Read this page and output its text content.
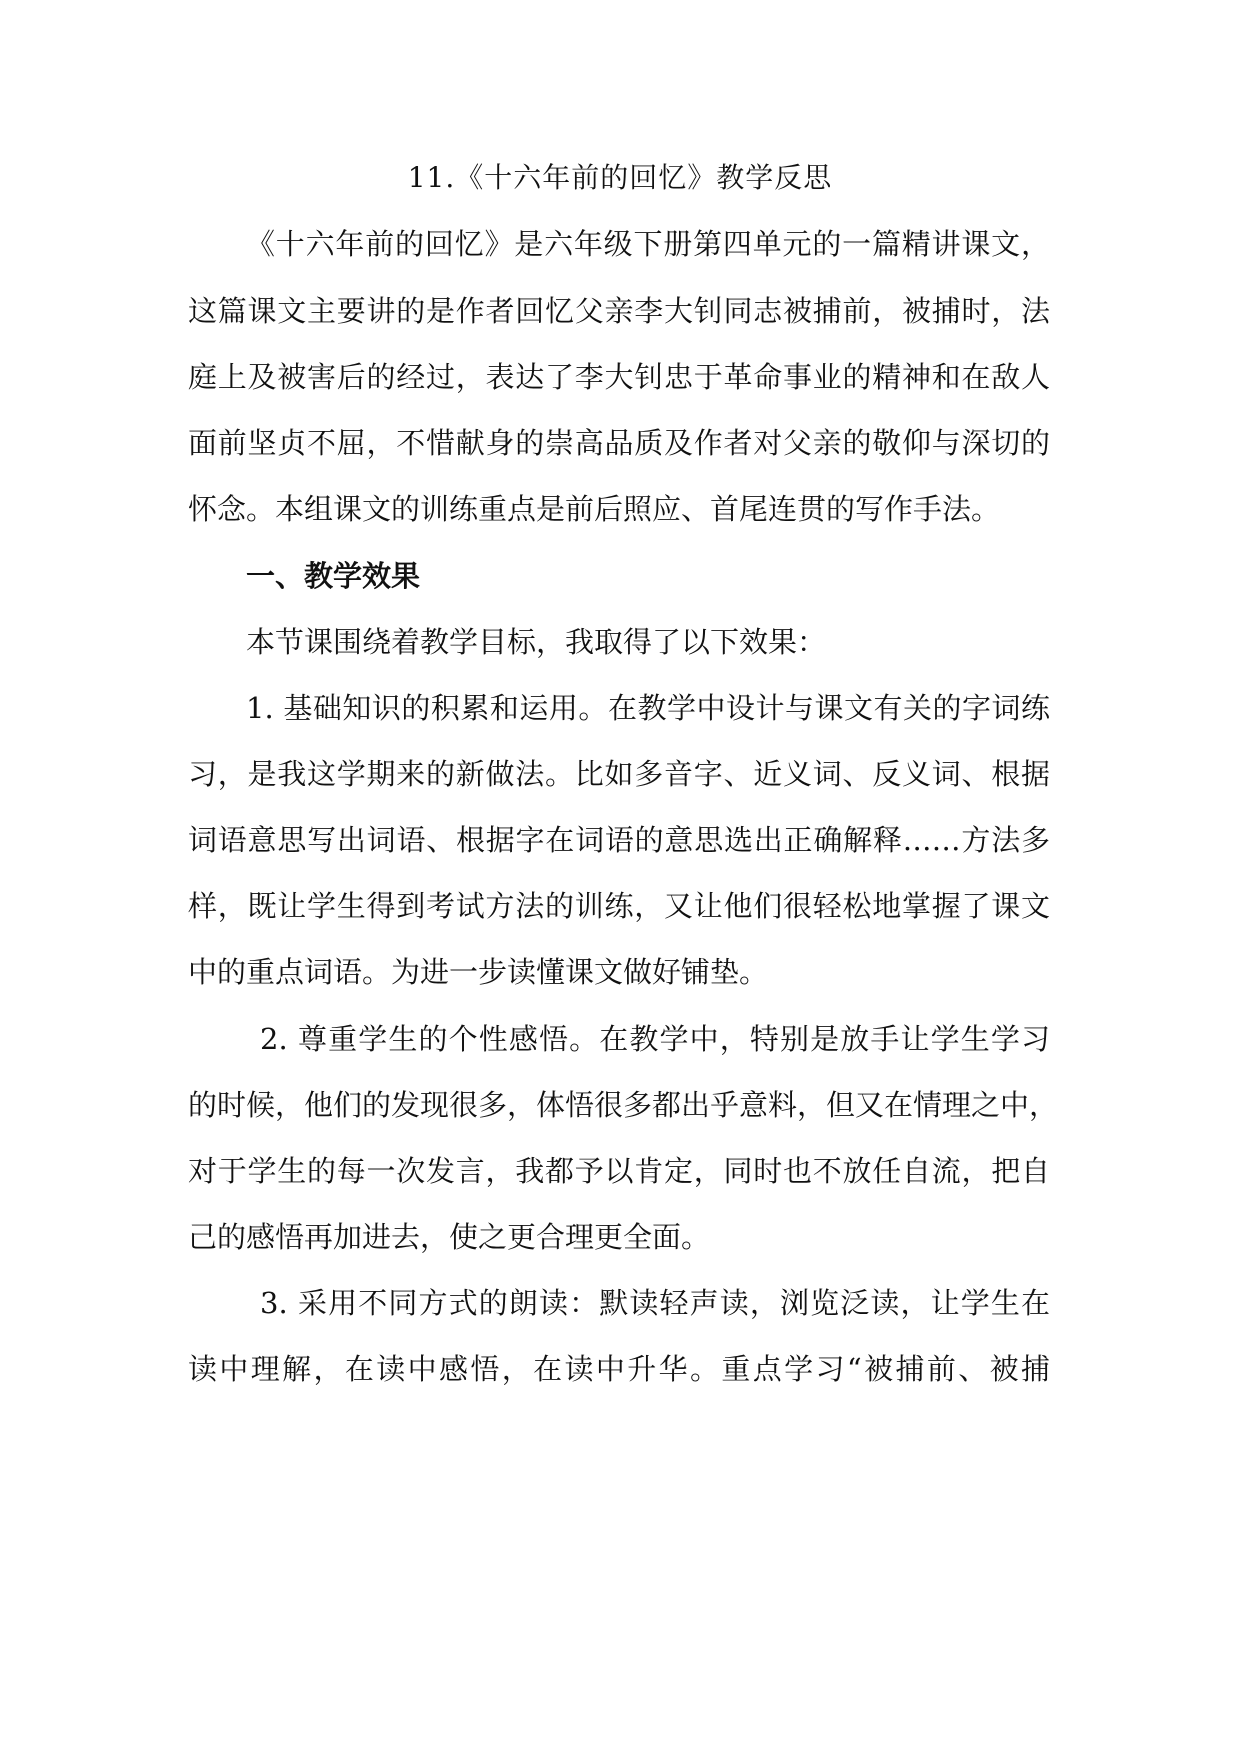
11.《十六年前的回忆》教学反思
《十六年前的回忆》是六年级下册第四单元的一篇精讲课文，
这篇课文主要讲的是作者回忆父亲李大钊同志被捕前，被捕时，法
庭上及被害后的经过，表达了李大钊忠于革命事业的精神和在敌人
面前坚贞不屈，不惜献身的崇高品质及作者对父亲的敬仰与深切的
怀念。本组课文的训练重点是前后照应、首尾连贯的写作手法。
一、教学效果
本节课围绕着教学目标，我取得了以下效果：
1. 基础知识的积累和运用。在教学中设计与课文有关的字词练
习，是我这学期来的新做法。比如多音字、近义词、反义词、根据
词语意思写出词语、根据字在词语的意思选出正确解释……方法多
样，既让学生得到考试方法的训练，又让他们很轻松地掌握了课文
中的重点词语。为进一步读懂课文做好铺垫。
2. 尊重学生的个性感悟。在教学中，特别是放手让学生学习
的时候，他们的发现很多，体悟很多都出乎意料，但又在情理之中，
对于学生的每一次发言，我都予以肯定，同时也不放任自流，把自
己的感悟再加进去，使之更合理更全面。
3. 采用不同方式的朗读：默读轻声读，浏览泛读，让学生在
读中理解，在读中感悟，在读中升华。重点学习“被捕前、被捕
